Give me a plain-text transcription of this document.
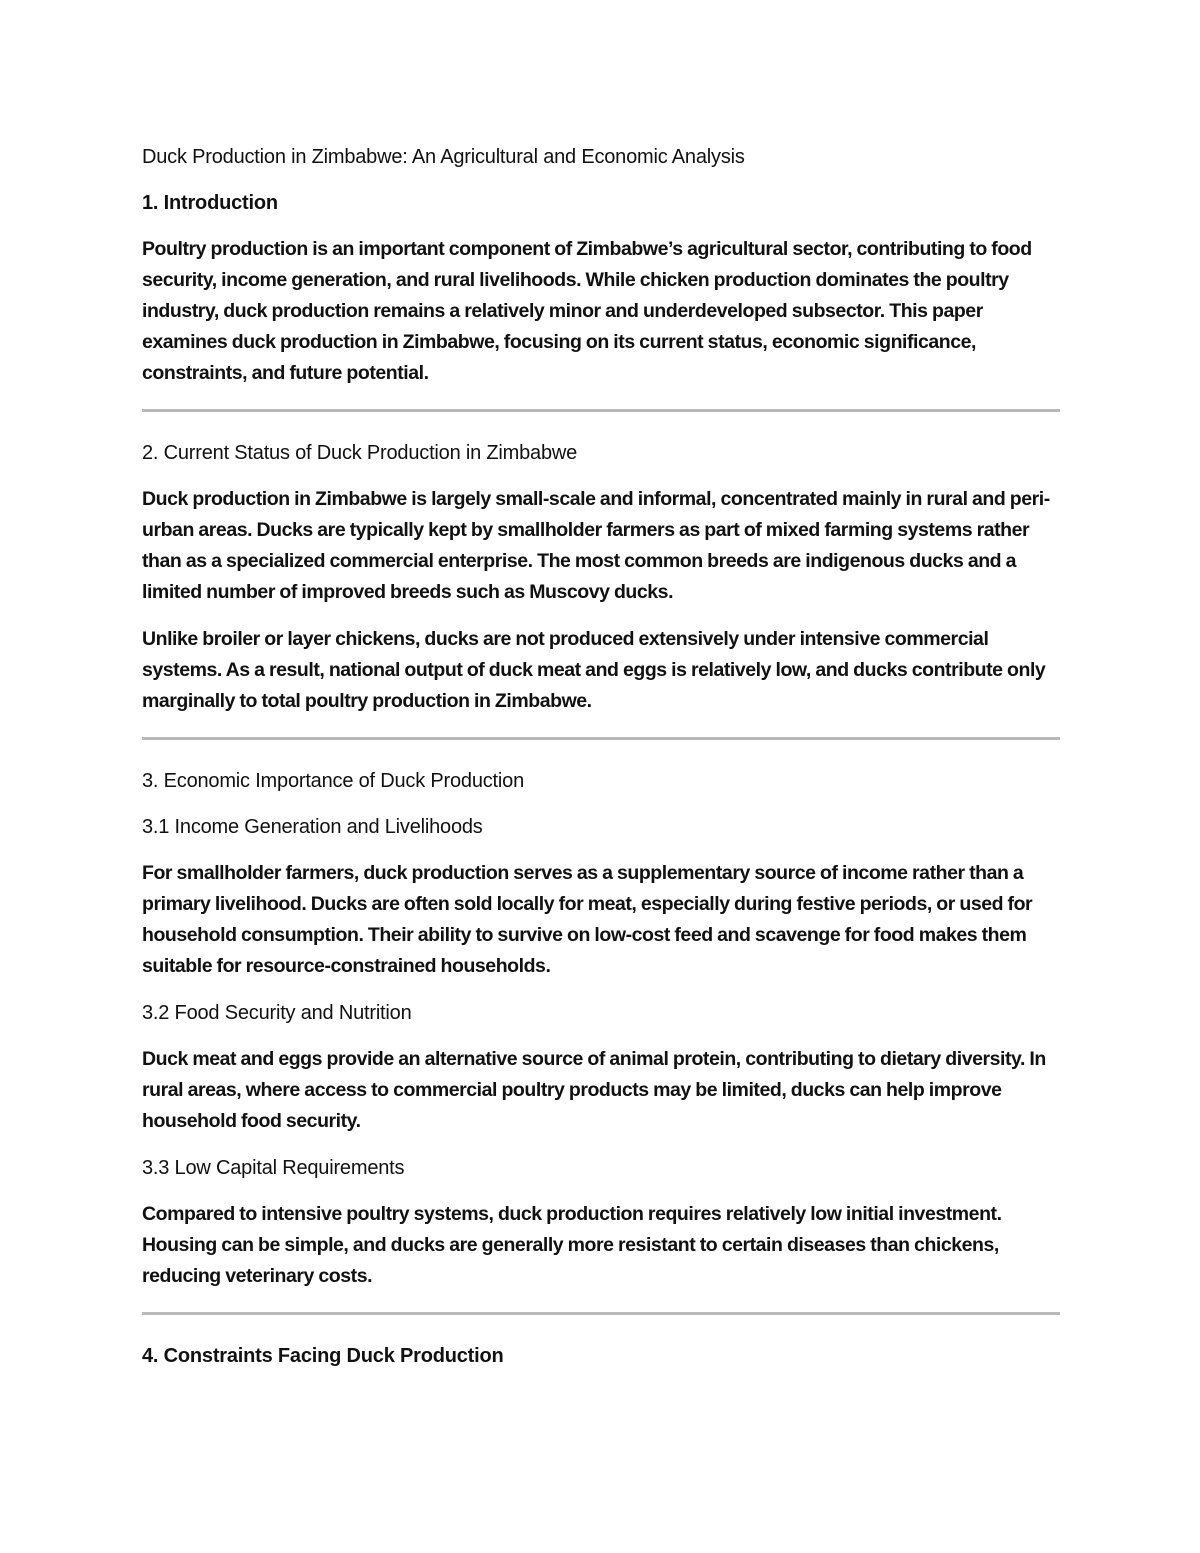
Duck Production in Zimbabwe: An Agricultural and Economic Analysis
1. Introduction

Poultry production is an important component of Zimbabwe’s agricultural sector, contributing to food security, income generation, and rural livelihoods. While chicken production dominates the poultry industry, duck production remains a relatively minor and underdeveloped subsector. This paper examines duck production in Zimbabwe, focusing on its current status, economic significance, constraints, and future potential.

2. Current Status of Duck Production in Zimbabwe

Duck production in Zimbabwe is largely small-scale and informal, concentrated mainly in rural and peri-urban areas. Ducks are typically kept by smallholder farmers as part of mixed farming systems rather than as a specialized commercial enterprise. The most common breeds are indigenous ducks and a limited number of improved breeds such as Muscovy ducks.

Unlike broiler or layer chickens, ducks are not produced extensively under intensive commercial systems. As a result, national output of duck meat and eggs is relatively low, and ducks contribute only marginally to total poultry production in Zimbabwe.

3. Economic Importance of Duck Production
3.1 Income Generation and Livelihoods

For smallholder farmers, duck production serves as a supplementary source of income rather than a primary livelihood. Ducks are often sold locally for meat, especially during festive periods, or used for household consumption. Their ability to survive on low-cost feed and scavenge for food makes them suitable for resource-constrained households.

3.2 Food Security and Nutrition

Duck meat and eggs provide an alternative source of animal protein, contributing to dietary diversity. In rural areas, where access to commercial poultry products may be limited, ducks can help improve household food security.

3.3 Low Capital Requirements

Compared to intensive poultry systems, duck production requires relatively low initial investment. Housing can be simple, and ducks are generally more resistant to certain diseases than chickens, reducing veterinary costs.

4. Constraints Facing Duck Production
